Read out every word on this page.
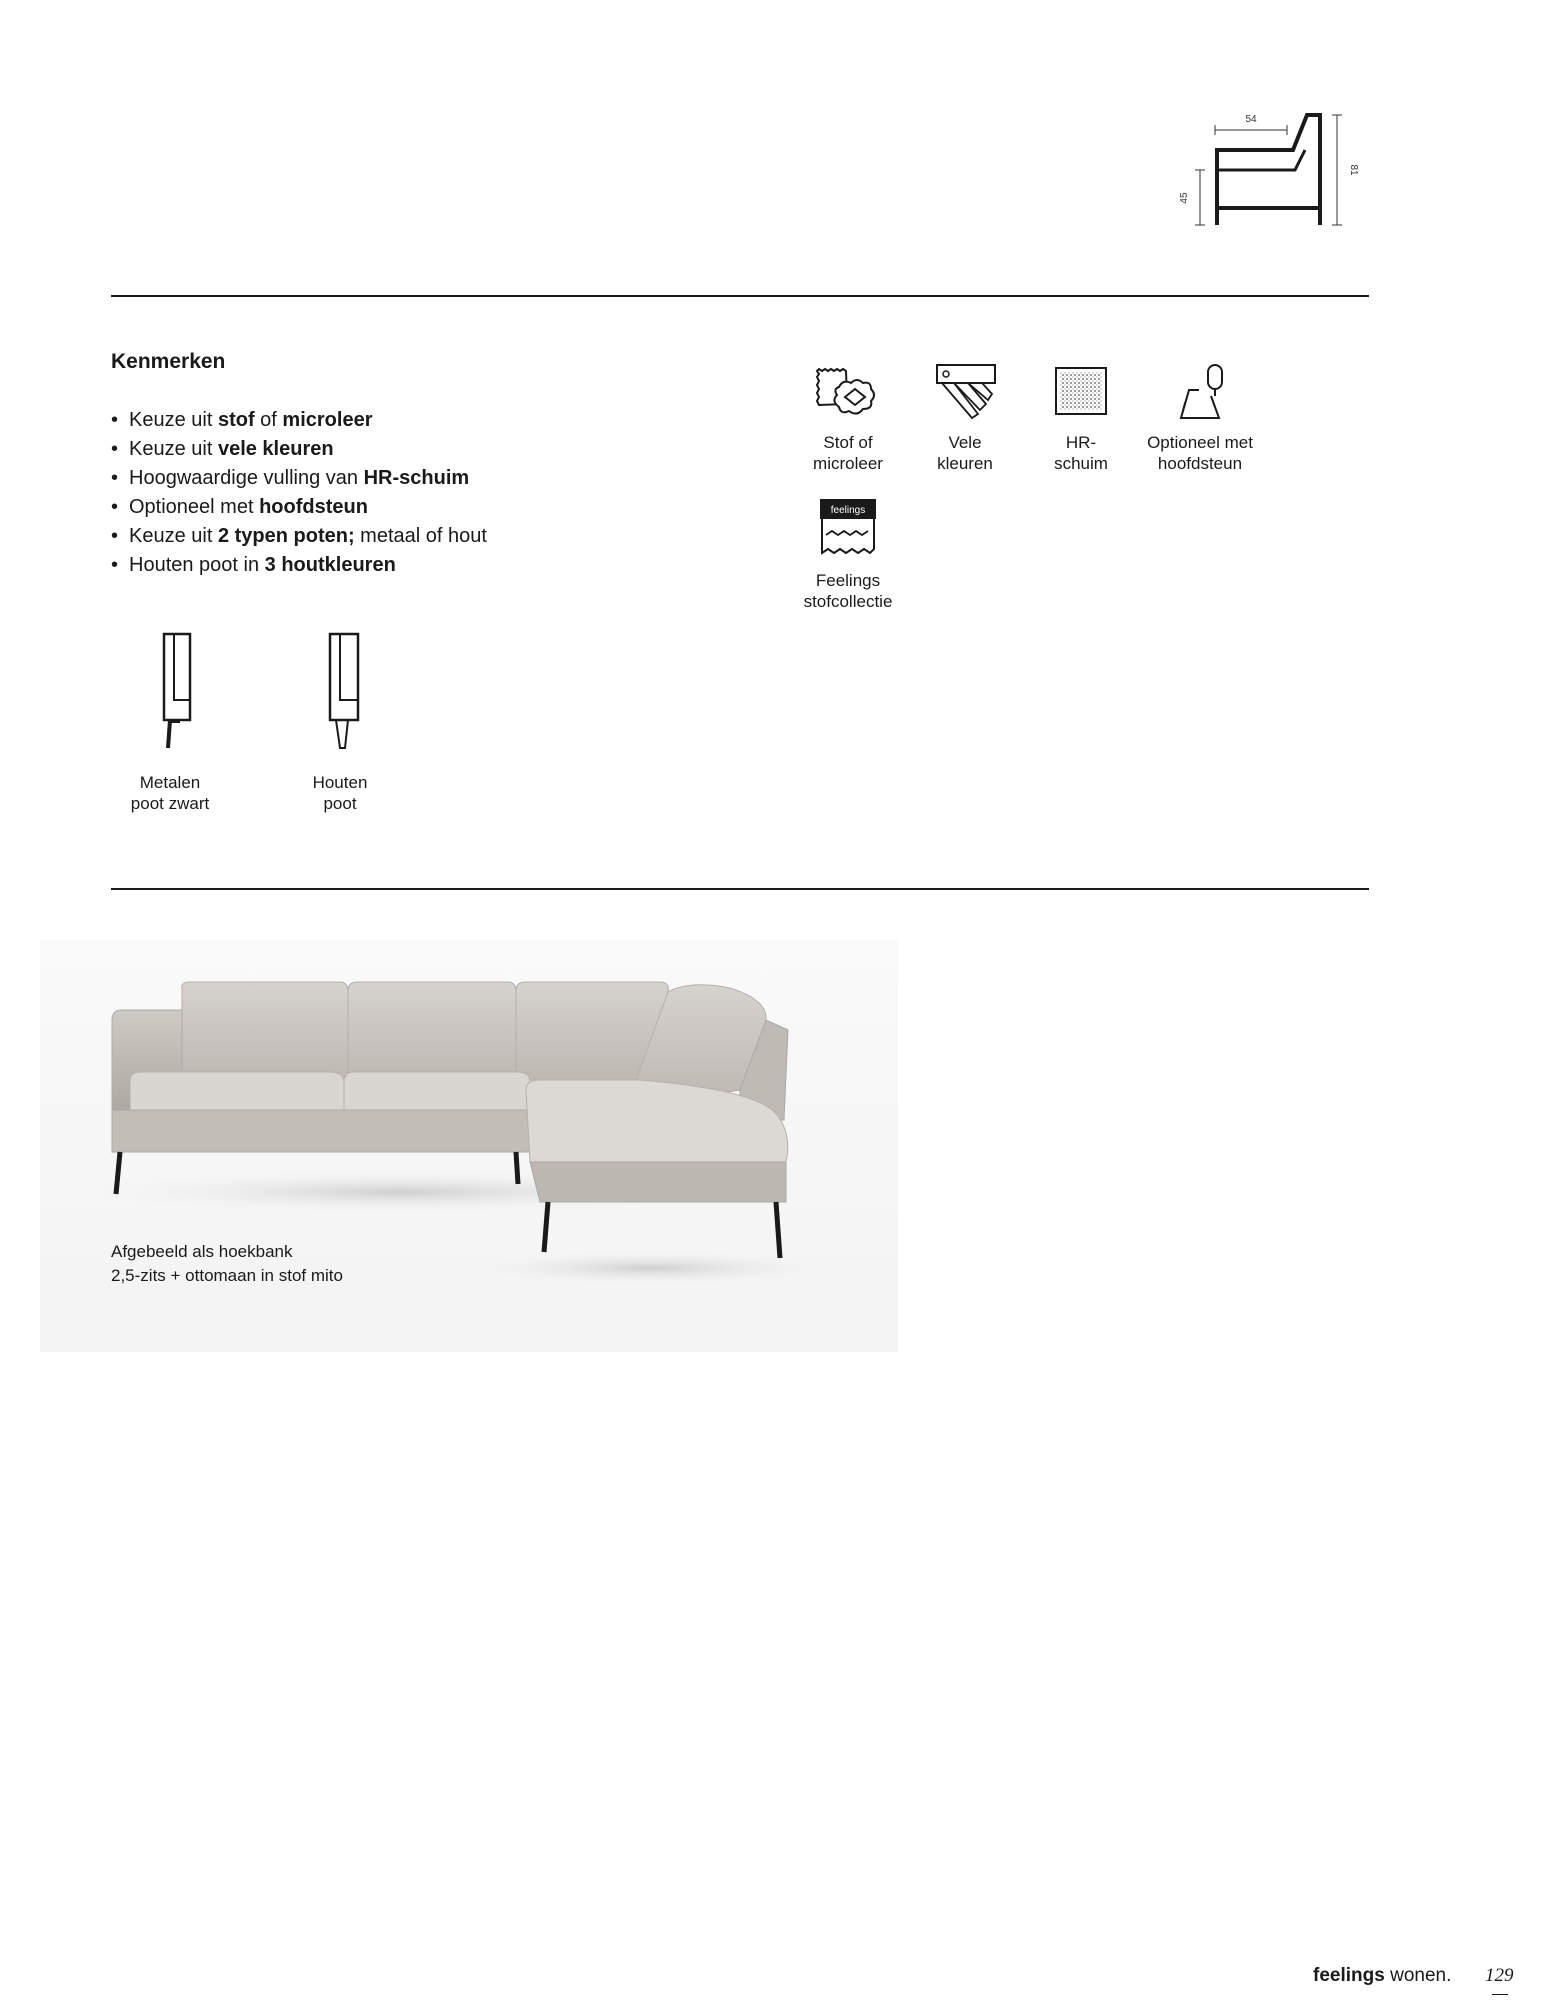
54
81
45
Kenmerken
• Keuze uit stof of microleer
• Keuze uit vele kleuren
• Hoogwaardige vulling van HR-schuim
• Optioneel met hoofdsteun
• Keuze uit 2 typen poten; metaal of hout
• Houten poot in 3 houtkleuren
Metalen
poot zwart
Houten
poot
Stof of
microleer
Vele
kleuren
HR-
schuim
Optioneel met
hoofdsteun
feelings
Feelings
stofcollectie
Afgebeeld als hoekbank
2,5-zits + ottomaan in stof mito
feelings wonen. 129
